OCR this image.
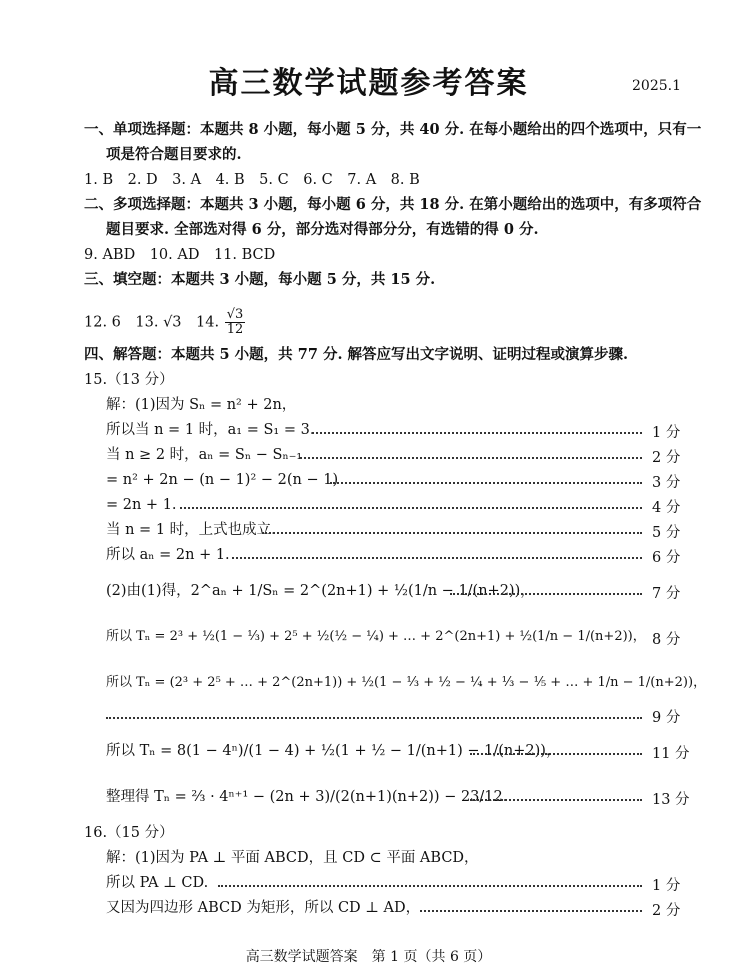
高三数学试题参考答案	2025.1
一、单项选择题：本题共 8 小题，每小题 5 分，共 40 分. 在每小题给出的四个选项中，只有一
项是符合题目要求的.
1. B　2. D　3. A　4. B　5. C　6. C　7. A　8. B
二、多项选择题：本题共 3 小题，每小题 6 分，共 18 分. 在第小题给出的选项中，有多项符合
题目要求. 全部选对得 6 分，部分选对得部分分，有选错的得 0 分.
9. ABD　10. AD　11. BCD
三、填空题：本题共 3 小题，每小题 5 分，共 15 分.
12. 6　13. √3　14. $\frac{√3}{12}$
四、解答题：本题共 5 小题，共 77 分. 解答应写出文字说明、证明过程或演算步骤.
15.（13 分）
解：(1)因为 Sₙ = n² + 2n，
所以当 n = 1 时，a₁ = S₁ = 3.	1 分
当 n ≥ 2 时，aₙ = Sₙ − Sₙ₋₁	2 分
= n² + 2n − (n − 1)² − 2(n − 1)	3 分
= 2n + 1.	4 分
当 n = 1 时，上式也成立.	5 分
所以 aₙ = 2n + 1.	6 分
(2)由(1)得，2^aₙ + 1/Sₙ = 2^(2n+1) + ½(1/n − 1/(n+2))，	7 分
所以 Tₙ = 2³ + ½(1 − ⅓) + 2⁵ + ½(½ − ¼) + … + 2^(2n+1) + ½(1/n − 1/(n+2))， 8 分
所以 Tₙ = (2³ + 2⁵ + … + 2^(2n+1)) + ½(1 − ⅓ + ½ − ¼ + ⅓ − ⅕ + … + 1/n − 1/(n+2))，
9 分
所以 Tₙ = 8(1 − 4ⁿ)/(1 − 4) + ½(1 + ½ − 1/(n+1) − 1/(n+2))，	11 分
整理得 Tₙ = ⅔ · 4ⁿ⁺¹ − (2n + 3)/(2(n+1)(n+2)) − 23/12.	13 分
16.（15 分）
解：(1)因为 PA ⊥ 平面 ABCD，且 CD ⊂ 平面 ABCD，
所以 PA ⊥ CD.	1 分
又因为四边形 ABCD 为矩形，所以 CD ⊥ AD，	2 分
高三数学试题答案　第 1 页（共 6 页）
